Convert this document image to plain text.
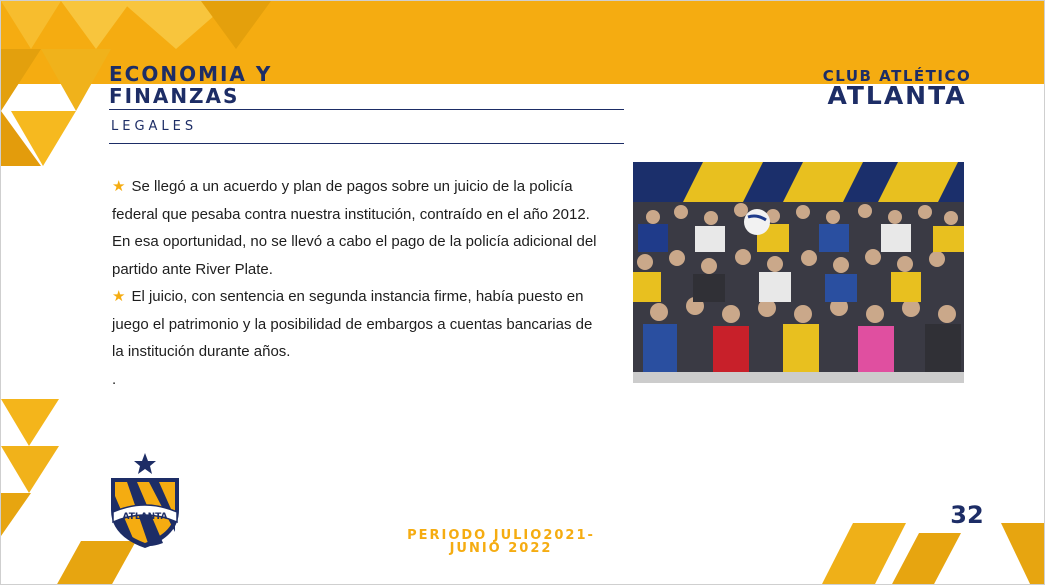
ECONOMIA Y
FINANZAS
LEGALES
CLUB ATLÉTICO
ATLANTA

★ Se llegó a un acuerdo y plan de pagos sobre un juicio de la policía federal que pesaba contra nuestra institución, contraído en el año 2012. En esa oportunidad, no se llevó a cabo el pago de la policía adicional del partido ante River Plate.

★ El juicio, con sentencia en segunda instancia firme, había puesto en juego el patrimonio y la posibilidad de embargos a cuentas bancarias de la institución durante años.

.

ATLANTA
PERIODO JULIO2021-
JUNIO 2022
32
